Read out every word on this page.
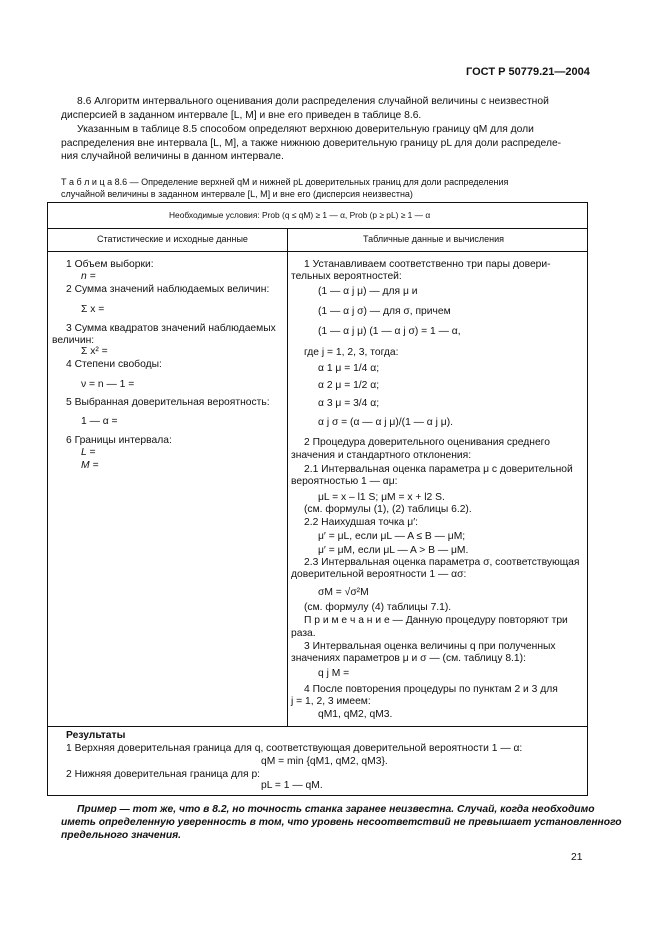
ГОСТ Р 50779.21—2004
8.6 Алгоритм интервального оценивания доли распределения случайной величины с неизвестной
дисперсией в заданном интервале [L, M] и вне его приведен в таблице 8.6.
Указанным в таблице 8.5 способом определяют верхнюю доверительную границу qM для доли
распределения вне интервала [L, M], а также нижнюю доверительную границу pL для доли распределе-
ния случайной величины в данном интервале.
Т а б л и ц а 8.6 — Определение верхней qM и нижней pL доверительных границ для доли распределения
случайной величины в заданном интервале [L, M] и вне его (дисперсия неизвестна)
Необходимые условия: Prob (q ≤ qM) ≥ 1 — α, Prob (p ≥ pL) ≥ 1 — α
Статистические и исходные данные	Табличные данные и вычисления
1 Объем выборки:
n =
2 Сумма значений наблюдаемых величин:
Σ x =
3 Сумма квадратов значений наблюдаемых
величин:
Σ x² =
4 Степени свободы:
ν = n — 1 =
5 Выбранная доверительная вероятность:
1 — α =
6 Границы интервала:
L =
M =
1 Устанавливаем соответственно три пары довери-
тельных вероятностей:
(1 — α j μ) — для μ и
(1 — α j σ) — для σ, причем
(1 — α j μ) (1 — α j σ) = 1 — α,
где j = 1, 2, 3, тогда:
α 1 μ = 1/4 α;
α 2 μ = 1/2 α;
α 3 μ = 3/4 α;
α j σ = (α — α j μ)/(1 — α j μ).
2 Процедура доверительного оценивания среднего
значения и стандартного отклонения:
2.1 Интервальная оценка параметра μ с доверительной
вероятностью 1 — αμ:
μL = x – l1 S; μM = x + l2 S.
(см. формулы (1), (2) таблицы 6.2).
2.2 Наихудшая точка μ′:
μ′ = μL, если μL — A ≤ B — μM;
μ′ = μM, если μL — A > B — μM.
2.3 Интервальная оценка параметра σ, соответствующая
доверительной вероятности 1 — ασ:
σM = √σ²M
(см. формулу (4) таблицы 7.1).
П р и м е ч а н и е — Данную процедуру повторяют три
раза.
3 Интервальная оценка величины q при полученных
значениях параметров μ и σ — (см. таблицу 8.1):
q j M =
4 После повторения процедуры по пунктам 2 и 3 для
j = 1, 2, 3 имеем:
qM1, qM2, qM3.
Результаты
1 Верхняя доверительная граница для q, соответствующая доверительной вероятности 1 — α:
qM = min {qM1, qM2, qM3}.
2 Нижняя доверительная граница для p:
pL = 1 — qM.
Пример — тот же, что в 8.2, но точность станка заранее неизвестна. Случай, когда необходимо
иметь определенную уверенность в том, что уровень несоответствий не превышает установленного
предельного значения.
21
